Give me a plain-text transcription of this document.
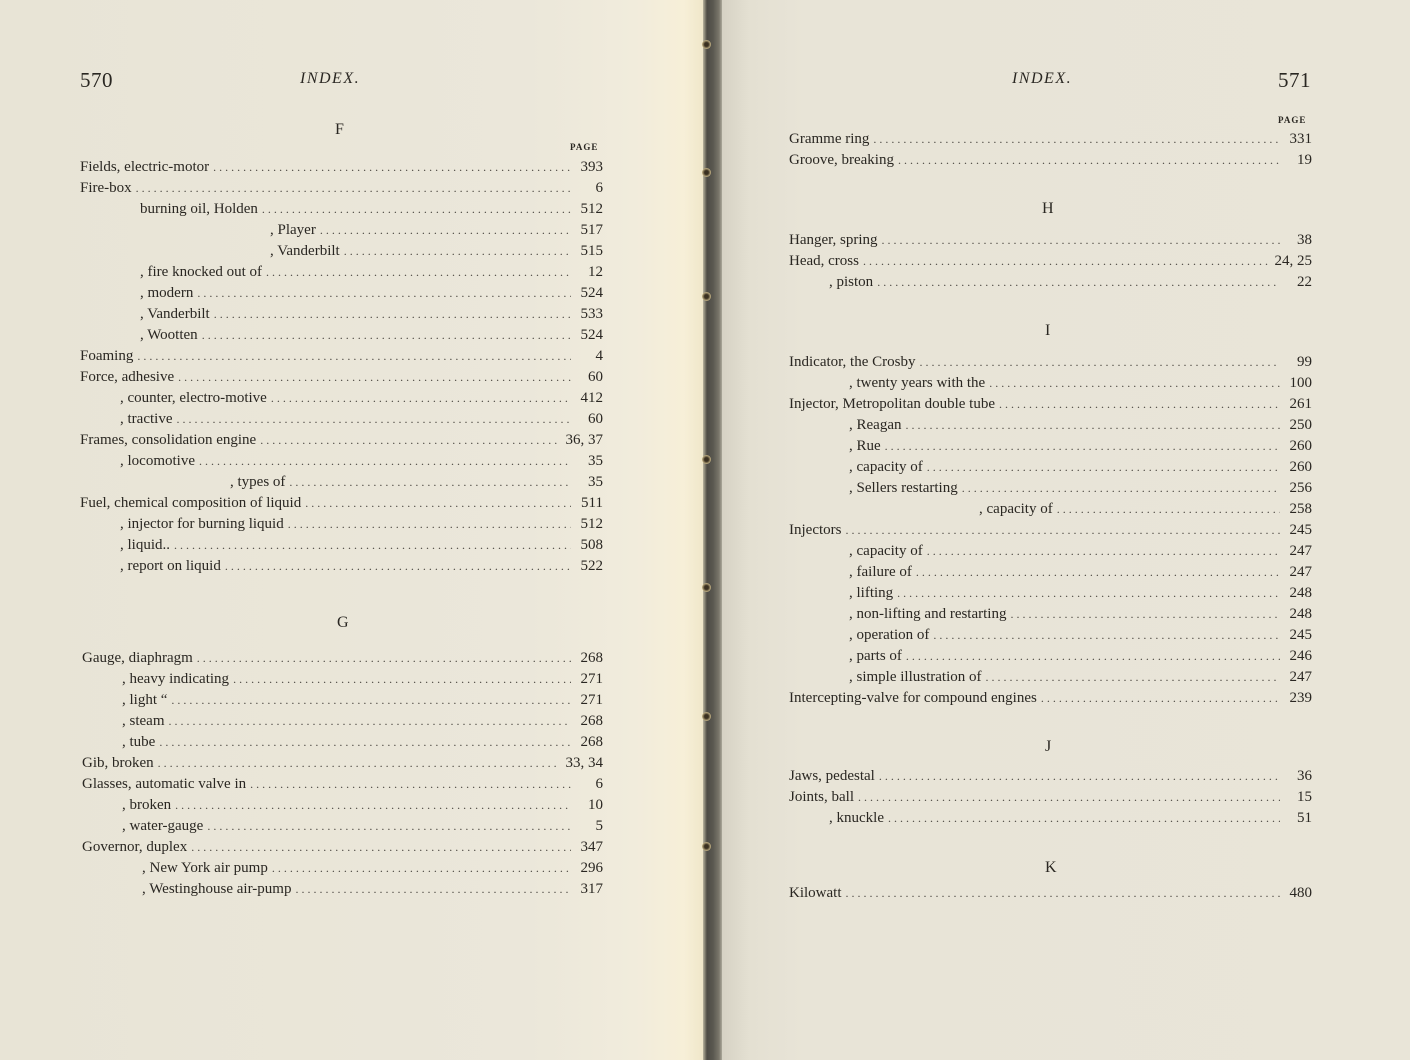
570	INDEX.
F
PAGE
Fields, electric-motor . . .	393
Fire-box . . .	6
burning oil, Holden . . .	512
, Player . . .	517
, Vanderbilt . . .	515
, fire knocked out of . . .	12
, modern . . .	524
, Vanderbilt . . .	533
, Wootten . . .	524
Foaming . . .	4
Force, adhesive . . .	60
, counter, electro-motive . . .	412
, tractive . . .	60
Frames, consolidation engine . . .	36, 37
, locomotive . . .	35
, types of . . .	35
Fuel, chemical composition of liquid . . .	511
, injector for burning liquid . . .	512
, liquid.. . . .	508
, report on liquid . . .	522
G
Gauge, diaphragm . . .	268
, heavy indicating . . .	271
, light “ . . .	271
, steam . . .	268
, tube . . .	268
Gib, broken . . .	33, 34
Glasses, automatic valve in . . .	6
, broken . . .	10
, water-gauge . . .	5
Governor, duplex . . .	347
, New York air pump . . .	296
, Westinghouse air-pump . . .	317
INDEX.	571
PAGE
Gramme ring . . .	331
Groove, breaking . . .	19
H
Hanger, spring . . .	38
Head, cross . . .	24, 25
, piston . . .	22
I
Indicator, the Crosby . . .	99
, twenty years with the . . .	100
Injector, Metropolitan double tube . . .	261
, Reagan . . .	250
, Rue . . .	260
, capacity of . . .	260
, Sellers restarting . . .	256
, capacity of . . .	258
Injectors . . .	245
, capacity of . . .	247
, failure of . . .	247
, lifting . . .	248
, non-lifting and restarting . . .	248
, operation of . . .	245
, parts of . . .	246
, simple illustration of . . .	247
Intercepting-valve for compound engines . . .	239
J
Jaws, pedestal . . .	36
Joints, ball . . .	15
, knuckle . . .	51
K
Kilowatt . . .	480
